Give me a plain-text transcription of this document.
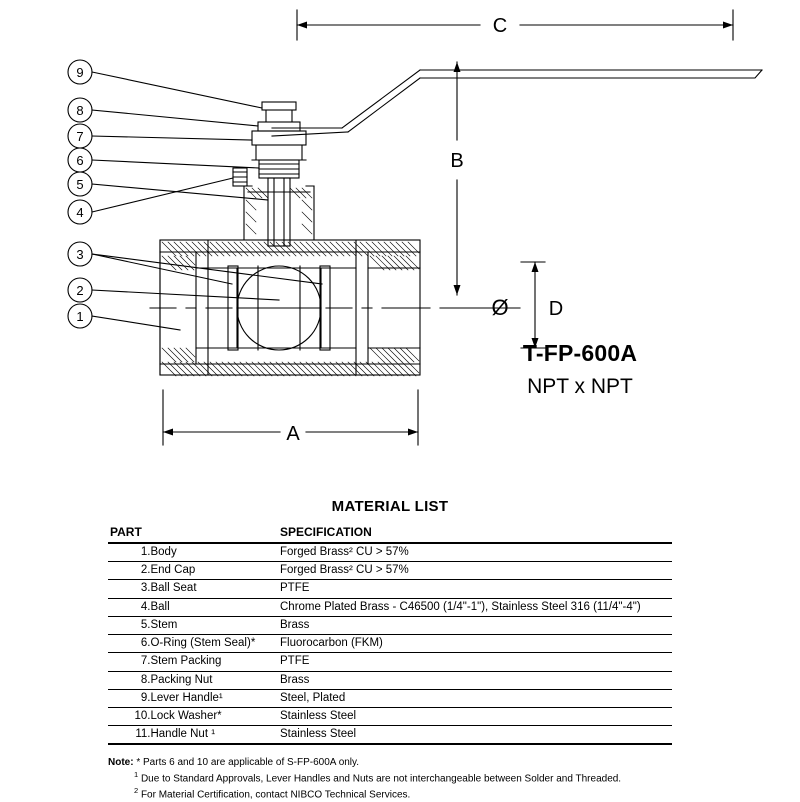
9
8
7
6
5
4
3
2
1
C
B
A
D
Ø
T-FP-600A
NPT x NPT
MATERIAL LIST
PART		SPECIFICATION
1.	Body	Forged Brass² CU > 57%
2.	End Cap	Forged Brass² CU > 57%
3.	Ball Seat	PTFE
4.	Ball	Chrome Plated Brass - C46500 (1/4"-1"), Stainless Steel 316 (11/4"-4")
5.	Stem	Brass
6.	O-Ring (Stem Seal)*	Fluorocarbon (FKM)
7.	Stem Packing	PTFE
8.	Packing Nut	Brass
9.	Lever Handle¹	Steel, Plated
10.	Lock Washer*	Stainless Steel
11.	Handle Nut ¹	Stainless Steel
Note: * Parts 6 and 10 are applicable of S-FP-600A only.
$^1$ Due to Standard Approvals, Lever Handles and Nuts are not interchangeable between Solder and Threaded.
$^2$ For Material Certification, contact NIBCO Technical Services.
